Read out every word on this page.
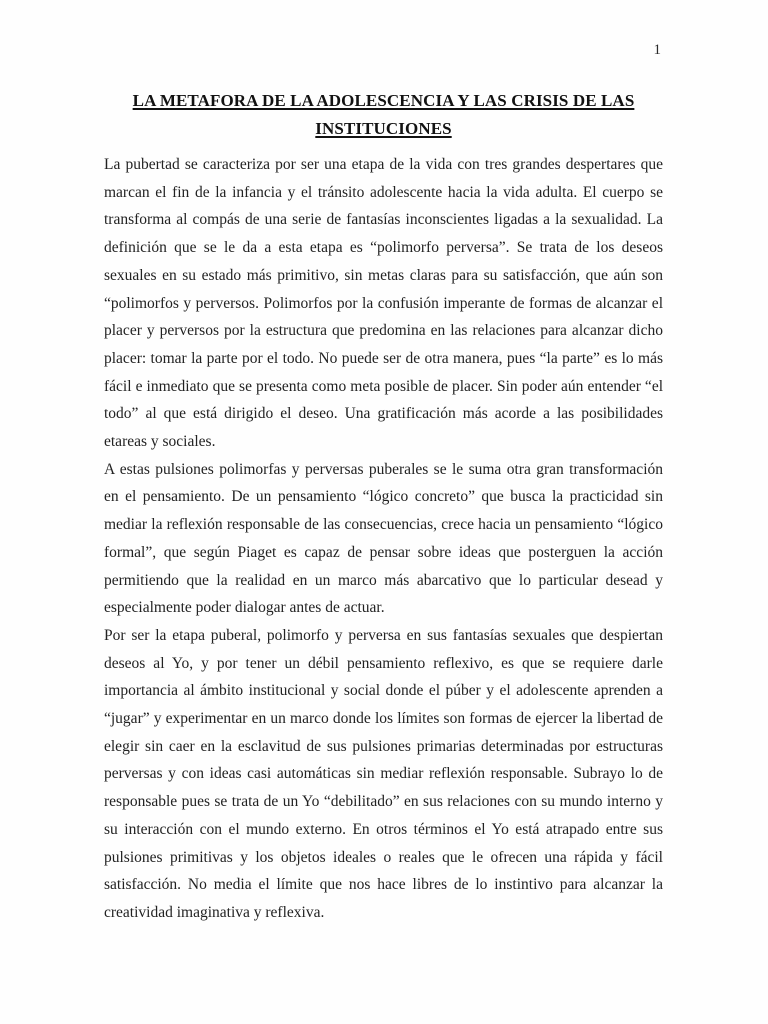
1
LA METAFORA DE LA ADOLESCENCIA Y LAS CRISIS DE LAS
INSTITUCIONES

La pubertad se caracteriza por ser una etapa de la vida con tres grandes despertares que marcan el fin de la infancia y el tránsito adolescente hacia la vida adulta. El cuerpo se transforma al compás de una serie de fantasías inconscientes ligadas a la sexualidad. La definición que se le da a esta etapa es “polimorfo perversa”. Se trata de los deseos sexuales en su estado más primitivo, sin metas claras para su satisfacción, que aún son “polimorfos y perversos. Polimorfos por la confusión imperante de formas de alcanzar el placer y perversos por la estructura que predomina en las relaciones para alcanzar dicho placer: tomar la parte por el todo. No puede ser de otra manera, pues “la parte” es lo más fácil e inmediato que se presenta como meta posible de placer. Sin poder aún entender “el todo” al que está dirigido el deseo. Una gratificación más acorde a las posibilidades etareas y sociales.

A estas pulsiones polimorfas y perversas puberales se le suma otra gran transformación en el pensamiento. De un pensamiento “lógico concreto” que busca la practicidad sin mediar la reflexión responsable de las consecuencias, crece hacia un pensamiento “lógico formal”, que según Piaget es capaz de pensar sobre ideas que posterguen la acción permitiendo que la realidad en un marco más abarcativo que lo particular desead y especialmente poder dialogar antes de actuar.

Por ser la etapa puberal, polimorfo y perversa en sus fantasías sexuales que despiertan deseos al Yo, y por tener un débil pensamiento reflexivo, es que se requiere darle importancia al ámbito institucional y social donde el púber y el adolescente aprenden a “jugar” y experimentar en un marco donde los límites son formas de ejercer la libertad de elegir sin caer en la esclavitud de sus pulsiones primarias determinadas por estructuras perversas y con ideas casi automáticas sin mediar reflexión responsable. Subrayo lo de responsable pues se trata de un Yo “debilitado” en sus relaciones con su mundo interno y su interacción con el mundo externo. En otros términos el Yo está atrapado entre sus pulsiones primitivas y los objetos ideales o reales que le ofrecen una rápida y fácil satisfacción. No media el límite que nos hace libres de lo instintivo para alcanzar la creatividad imaginativa y reflexiva.
